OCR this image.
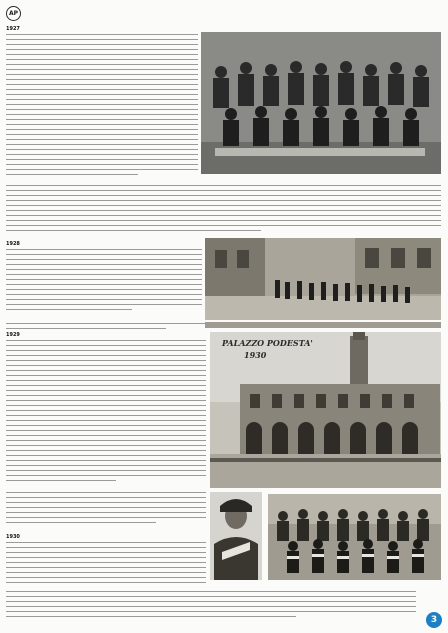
AP
1927

1928

1929
PALAZZO PODESTA'
1930

1930
3
